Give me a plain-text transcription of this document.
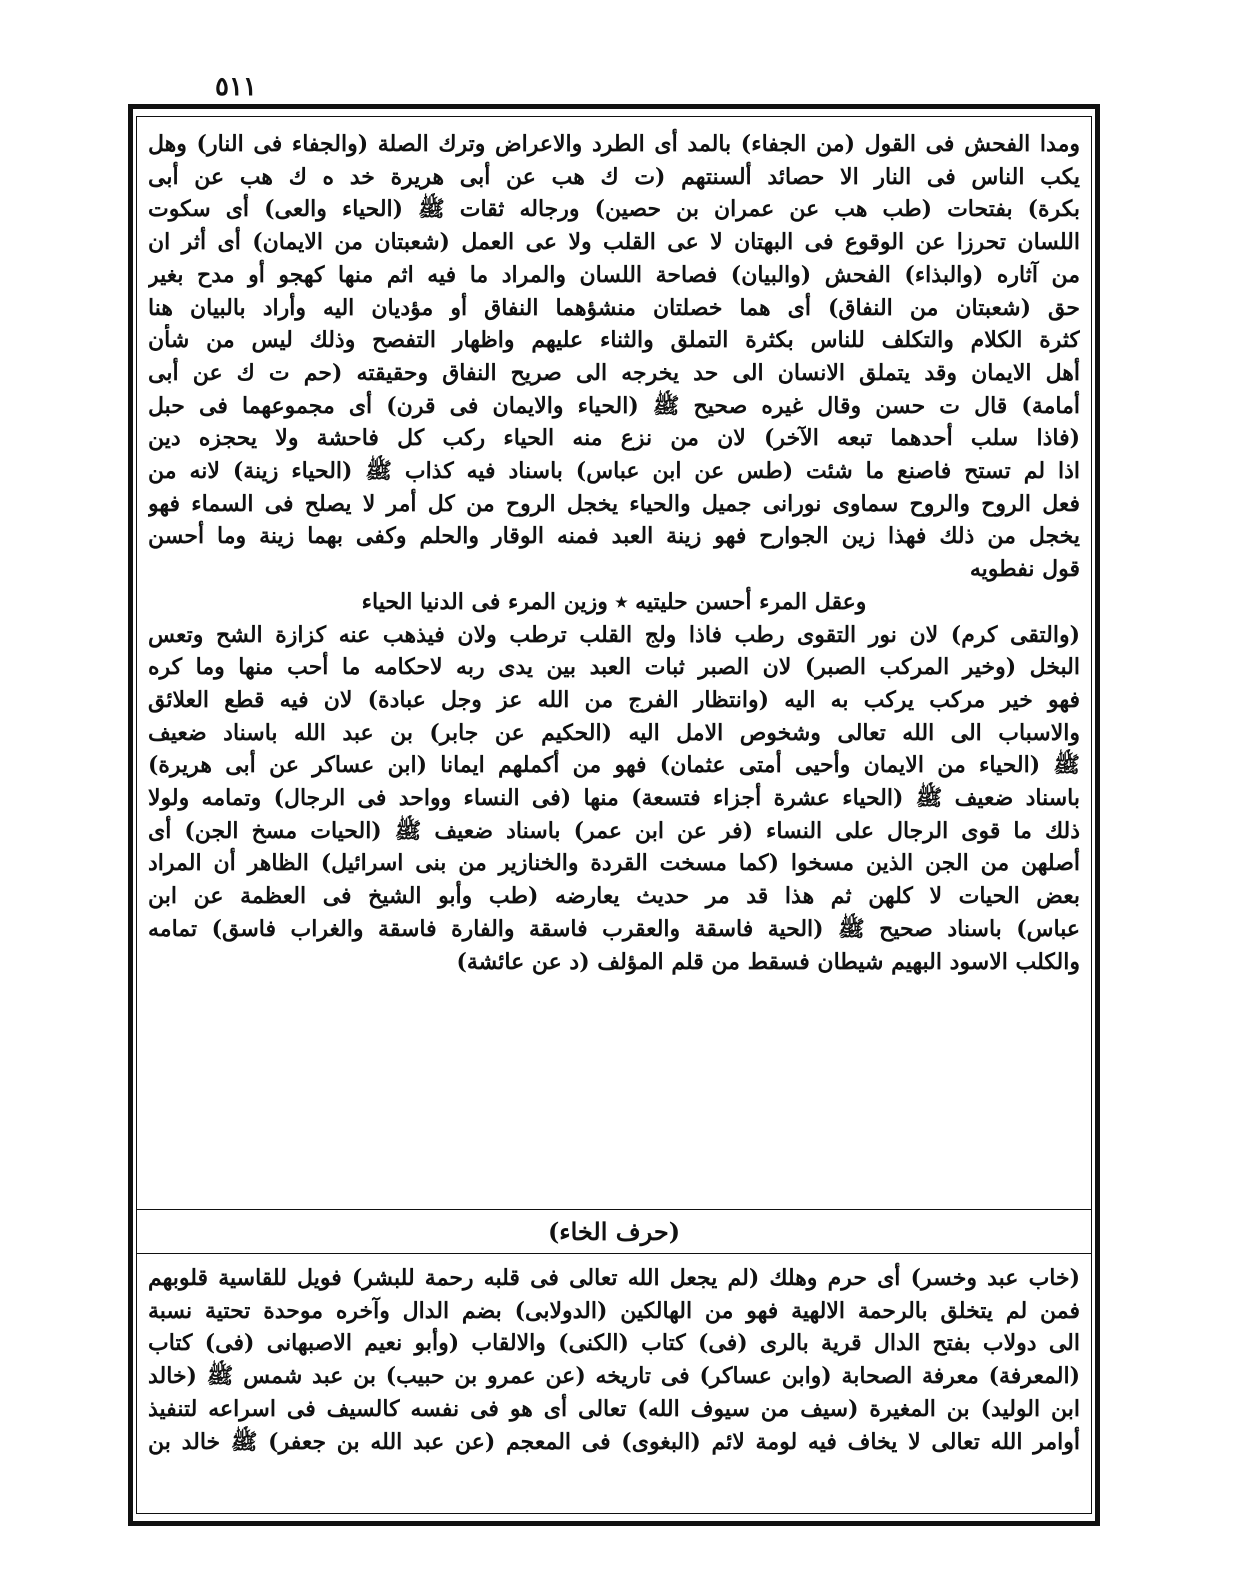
٥١١
ومدا الفحش فى القول (من الجفاء) بالمد أى الطرد والاعراض وترك الصلة (والجفاء فى النار) وهل
يكب الناس فى النار الا حصائد ألسنتهم (ت ك هب عن أبى هريرة خد ه ك هب عن أبى
بكرة) بفتحات (طب هب عن عمران بن حصين) ورجاله ثقات ﷺ (الحياء والعى) أى سكوت
اللسان تحرزا عن الوقوع فى البهتان لا عى القلب ولا عى العمل (شعبتان من الايمان) أى أثر ان
من آثاره (والبذاء) الفحش (والبيان) فصاحة اللسان والمراد ما فيه اثم منها كهجو أو مدح بغير
حق (شعبتان من النفاق) أى هما خصلتان منشؤهما النفاق أو مؤديان اليه وأراد بالبيان هنا
كثرة الكلام والتكلف للناس بكثرة التملق والثناء عليهم واظهار التفصح وذلك ليس من شأن
أهل الايمان وقد يتملق الانسان الى حد يخرجه الى صريح النفاق وحقيقته (حم ت ك عن أبى
أمامة) قال ت حسن وقال غيره صحيح ﷺ (الحياء والايمان فى قرن) أى مجموعهما فى حبل
(فاذا سلب أحدهما تبعه الآخر) لان من نزع منه الحياء ركب كل فاحشة ولا يحجزه دين
اذا لم تستح فاصنع ما شئت (طس عن ابن عباس) باسناد فيه كذاب ﷺ (الحياء زينة) لانه من
فعل الروح والروح سماوى نورانى جميل والحياء يخجل الروح من كل أمر لا يصلح فى السماء فهو
يخجل من ذلك فهذا زين الجوارح فهو زينة العبد فمنه الوقار والحلم وكفى بهما زينة وما أحسن
قول نفطويه
وعقل المرء أحسن حليتيه ٭ وزين المرء فى الدنيا الحياء
(والتقى كرم) لان نور التقوى رطب فاذا ولج القلب ترطب ولان فيذهب عنه كزازة الشح وتعس
البخل (وخير المركب الصبر) لان الصبر ثبات العبد بين يدى ربه لاحكامه ما أحب منها وما كره
فهو خير مركب يركب به اليه (وانتظار الفرج من الله عز وجل عبادة) لان فيه قطع العلائق
والاسباب الى الله تعالى وشخوص الامل اليه (الحكيم عن جابر) بن عبد الله باسناد ضعيف
ﷺ (الحياء من الايمان وأحيى أمتى عثمان) فهو من أكملهم ايمانا (ابن عساكر عن أبى هريرة)
باسناد ضعيف ﷺ (الحياء عشرة أجزاء فتسعة) منها (فى النساء وواحد فى الرجال) وتمامه ولولا
ذلك ما قوى الرجال على النساء (فر عن ابن عمر) باسناد ضعيف ﷺ (الحيات مسخ الجن) أى
أصلهن من الجن الذين مسخوا (كما مسخت القردة والخنازير من بنى اسرائيل) الظاهر أن المراد
بعض الحيات لا كلهن ثم هذا قد مر حديث يعارضه (طب وأبو الشيخ فى العظمة عن ابن
عباس) باسناد صحيح ﷺ (الحية فاسقة والعقرب فاسقة والفارة فاسقة والغراب فاسق) تمامه
والكلب الاسود البهيم شيطان فسقط من قلم المؤلف (د عن عائشة)
(حرف الخاء)
(خاب عبد وخسر) أى حرم وهلك (لم يجعل الله تعالى فى قلبه رحمة للبشر) فويل للقاسية قلوبهم
فمن لم يتخلق بالرحمة الالهية فهو من الهالكين (الدولابى) بضم الدال وآخره موحدة تحتية نسبة
الى دولاب بفتح الدال قرية بالرى (فى) كتاب (الكنى) والالقاب (وأبو نعيم الاصبهانى (فى) كتاب
(المعرفة) معرفة الصحابة (وابن عساكر) فى تاريخه (عن عمرو بن حبيب) بن عبد شمس ﷺ (خالد
ابن الوليد) بن المغيرة (سيف من سيوف الله) تعالى أى هو فى نفسه كالسيف فى اسراعه لتنفيذ
أوامر الله تعالى لا يخاف فيه لومة لائم (البغوى) فى المعجم (عن عبد الله بن جعفر) ﷺ خالد بن
